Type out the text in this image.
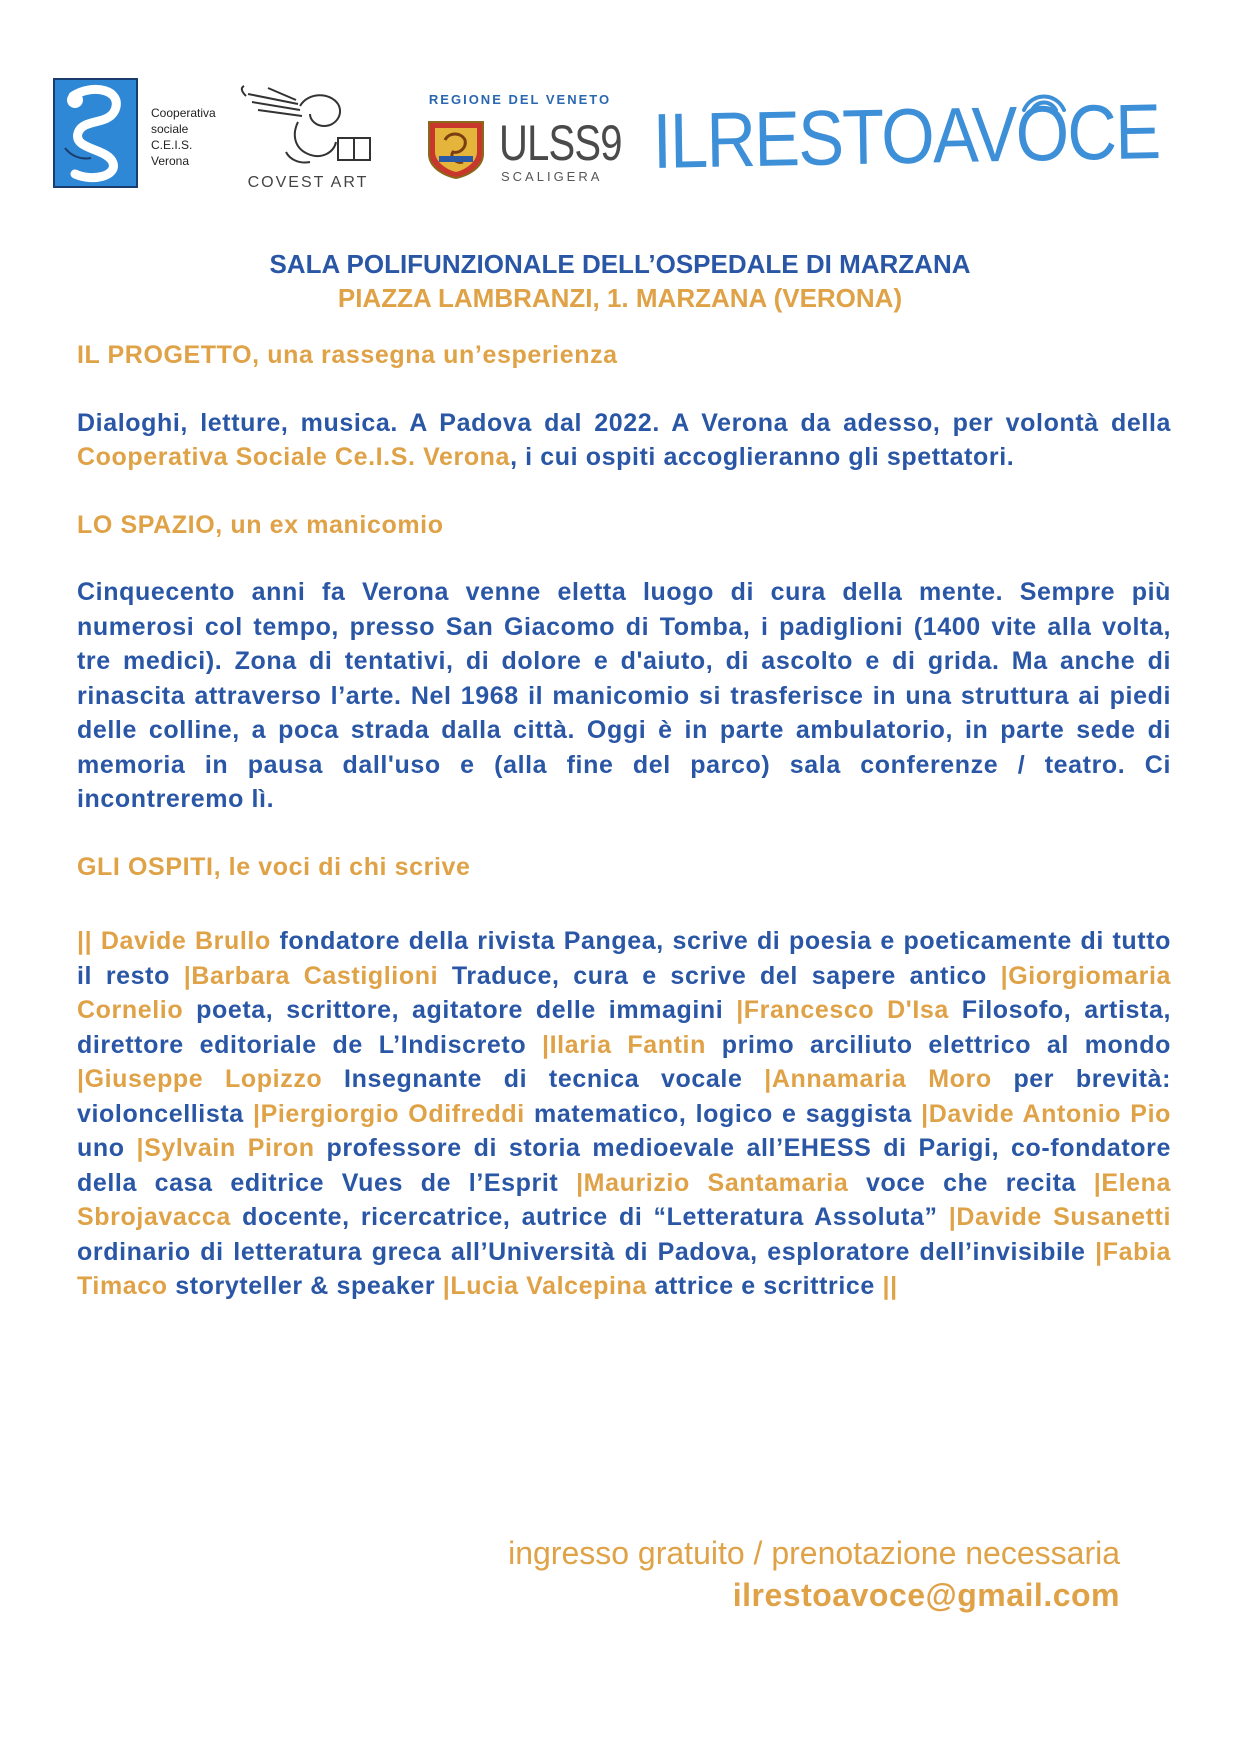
Cooperativa
sociale
C.E.I.S.
Verona
COVEST ART
REGIONE DEL VENETO
ULSS9
SCALIGERA ILRESTOAVOCE
SALA POLIFUNZIONALE DELL’OSPEDALE DI MARZANA
PIAZZA LAMBRANZI, 1. MARZANA (VERONA)

IL PROGETTO, una rassegna un’esperienza

Dialoghi, letture, musica. A Padova dal 2022. A Verona da adesso, per volontà della Cooperativa Sociale Ce.I.S. Verona, i cui ospiti accoglieranno gli spettatori.

LO SPAZIO, un ex manicomio

Cinquecento anni fa Verona venne eletta luogo di cura della mente. Sempre più numerosi col tempo, presso San Giacomo di Tomba, i padiglioni (1400 vite alla volta, tre medici). Zona di tentativi, di dolore e d'aiuto, di ascolto e di grida. Ma anche di rinascita attraverso l’arte. Nel 1968 il manicomio si trasferisce in una struttura ai piedi delle colline, a poca strada dalla città. Oggi è in parte ambulatorio, in parte sede di memoria in pausa dall'uso e (alla fine del parco) sala conferenze / teatro. Ci incontreremo lì.

GLI OSPITI, le voci di chi scrive

|| Davide Brullo fondatore della rivista Pangea, scrive di poesia e poeticamente di tutto il resto |Barbara Castiglioni Traduce, cura e scrive del sapere antico |Giorgiomaria Cornelio poeta, scrittore, agitatore delle immagini |Francesco D'Isa Filosofo, artista, direttore editoriale de L’Indiscreto |Ilaria Fantin primo arciliuto elettrico al mondo |Giuseppe Lopizzo Insegnante di tecnica vocale |Annamaria Moro per brevità: violoncellista |Piergiorgio Odifreddi matematico, logico e saggista |Davide Antonio Pio uno |Sylvain Piron professore di storia medioevale all’EHESS di Parigi, co-fondatore della casa editrice Vues de l’Esprit |Maurizio Santamaria voce che recita |Elena Sbrojavacca docente, ricercatrice, autrice di “Letteratura Assoluta” |Davide Susanetti ordinario di letteratura greca all’Università di Padova, esploratore dell’invisibile |Fabia Timaco storyteller & speaker |Lucia Valcepina attrice e scrittrice ||

ingresso gratuito / prenotazione necessaria
ilrestoavoce@gmail.com
